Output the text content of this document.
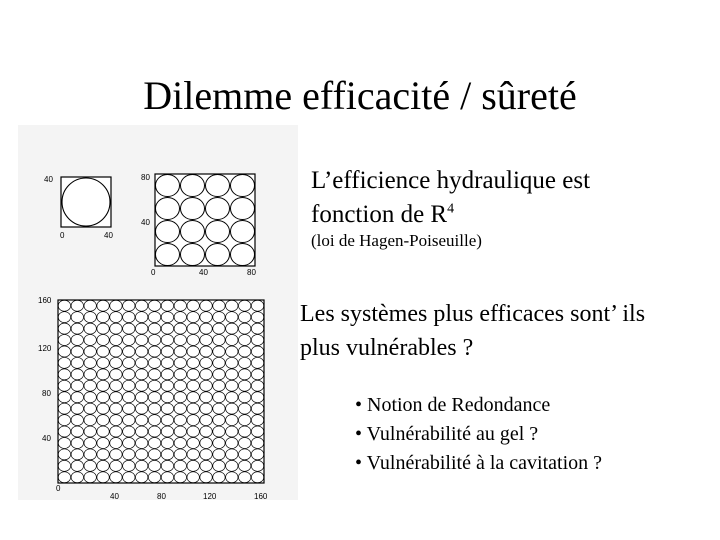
Dilemme efficacité / sûreté
40
0	40
80
40
0	40	80
160
120
80
40
0
40	80	120	160
L’efficience hydraulique est
fonction de $R^4$
(loi de Hagen-Poiseuille)
Les systèmes plus efficaces sont’ ils
plus vulnérables ?
• Notion de Redondance
• Vulnérabilité au gel ?
• Vulnérabilité à la cavitation ?
